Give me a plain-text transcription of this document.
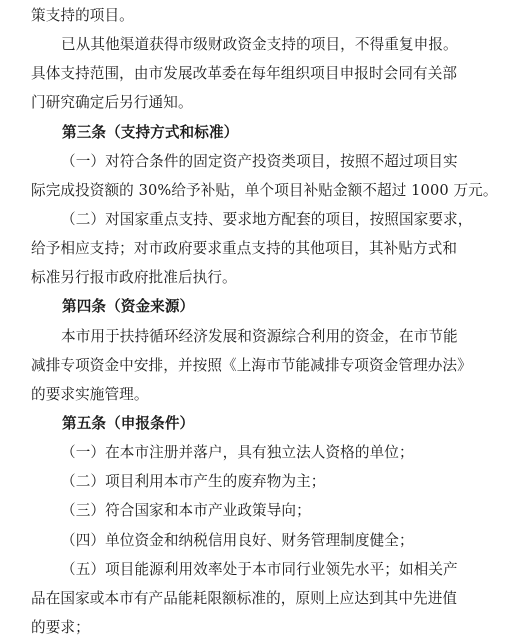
策支持的项目。
已从其他渠道获得市级财政资金支持的项目，不得重复申报。
具体支持范围，由市发展改革委在每年组织项目申报时会同有关部
门研究确定后另行通知。
第三条（支持方式和标准）
（一）对符合条件的固定资产投资类项目，按照不超过项目实
际完成投资额的 30%给予补贴，单个项目补贴金额不超过 1000 万元。
（二）对国家重点支持、要求地方配套的项目，按照国家要求，
给予相应支持；对市政府要求重点支持的其他项目，其补贴方式和
标准另行报市政府批准后执行。
第四条（资金来源）
本市用于扶持循环经济发展和资源综合利用的资金，在市节能
减排专项资金中安排，并按照《上海市节能减排专项资金管理办法》
的要求实施管理。
第五条（申报条件）
（一）在本市注册并落户，具有独立法人资格的单位；
（二）项目利用本市产生的废弃物为主；
（三）符合国家和本市产业政策导向；
（四）单位资金和纳税信用良好、财务管理制度健全；
（五）项目能源利用效率处于本市同行业领先水平；如相关产
品在国家或本市有产品能耗限额标准的，原则上应达到其中先进值
的要求；
